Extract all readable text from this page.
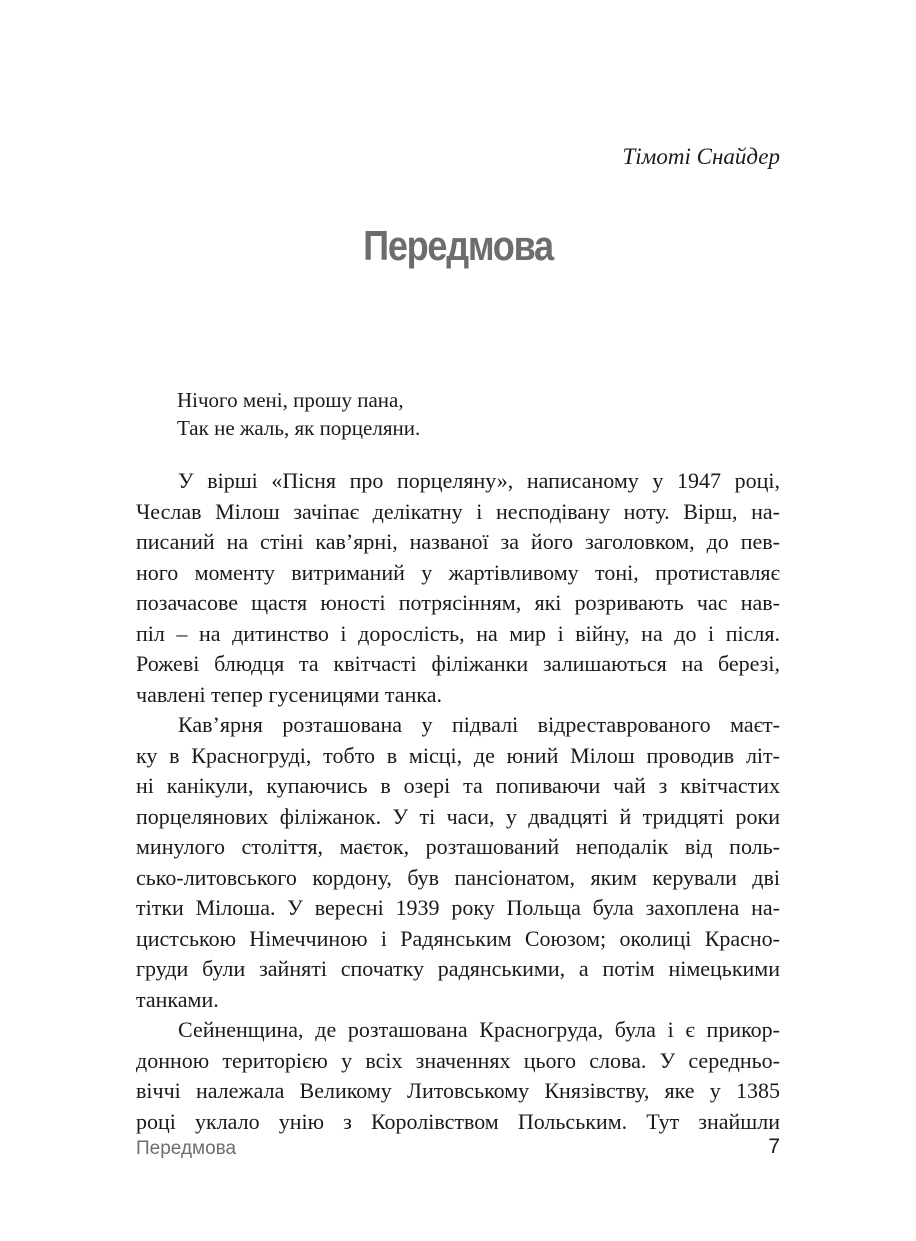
Тімоті Снайдер

Передмова
Нічого мені, прошу пана,
Так не жаль, як порцеляни.
У вірші «Пісня про порцеляну», написаному у 1947 році,
Чеслав Мілош зачіпає делікатну і несподівану ноту. Вірш, на-
писаний на стіні кав’ярні, названої за його заголовком, до пев-
ного моменту витриманий у жартівливому тоні, протиставляє
позачасове щастя юності потрясінням, які розривають час нав-
піл – на дитинство і дорослість, на мир і війну, на до і після.
Рожеві блюдця та квітчасті філіжанки залишаються на березі,
чавлені тепер гусеницями танка.
Кав’ярня розташована у підвалі відреставрованого маєт-
ку в Красногруді, тобто в місці, де юний Мілош проводив літ-
ні канікули, купаючись в озері та попиваючи чай з квітчастих
порцелянових філіжанок. У ті часи, у двадцяті й тридцяті роки
минулого століття, маєток, розташований неподалік від поль-
сько-литовського кордону, був пансіонатом, яким керували дві
тітки Мілоша. У вересні 1939 року Польща була захоплена на-
цистською Німеччиною і Радянським Союзом; околиці Красно-
груди були зайняті спочатку радянськими, а потім німецькими
танками.
Сейненщина, де розташована Красногруда, була і є прикор-
донною територією у всіх значеннях цього слова. У середньо-
віччі належала Великому Литовському Князівству, яке у 1385
році уклало унію з Королівством Польським. Тут знайшли

Передмова	7
